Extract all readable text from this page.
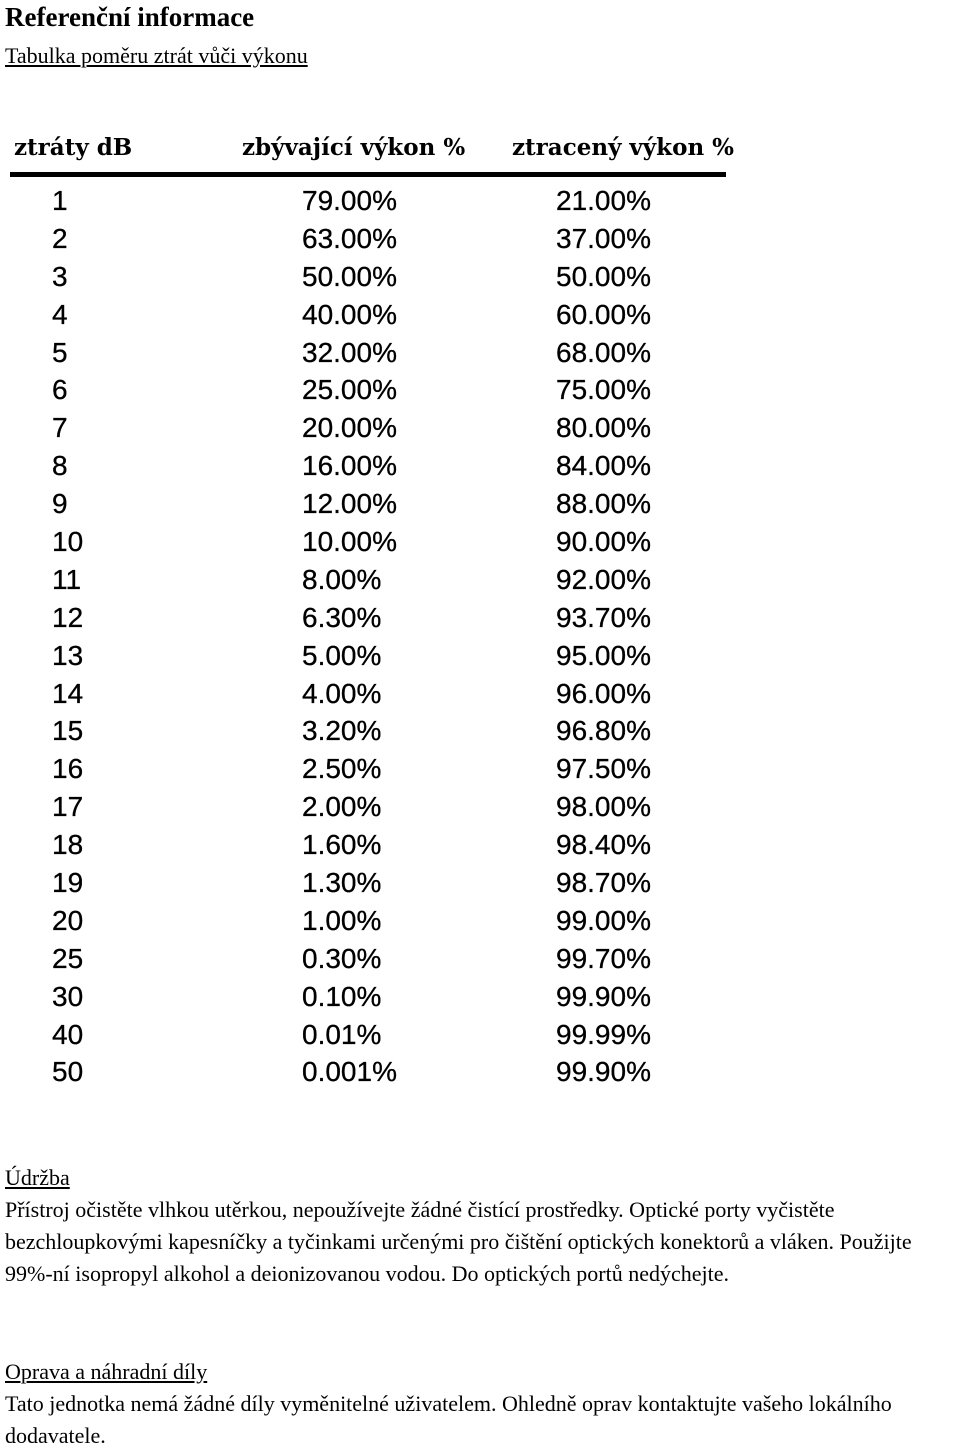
Referenční informace
Tabulka poměru ztrát vůči výkonu
ztráty dB	zbývající výkon % ztracený výkon %
1	79.00%	21.00%
2	63.00%	37.00%
3	50.00%	50.00%
4	40.00%	60.00%
5	32.00%	68.00%
6	25.00%	75.00%
7	20.00%	80.00%
8	16.00%	84.00%
9	12.00%	88.00%
10	10.00%	90.00%
11	8.00%	92.00%
12	6.30%	93.70%
13	5.00%	95.00%
14	4.00%	96.00%
15	3.20%	96.80%
16	2.50%	97.50%
17	2.00%	98.00%
18	1.60%	98.40%
19	1.30%	98.70%
20	1.00%	99.00%
25	0.30%	99.70%
30	0.10%	99.90%
40	0.01%	99.99%
50	0.001%	99.90%
Údržba

Přístroj očistěte vlhkou utěrkou, nepoužívejte žádné čistící prostředky. Optické porty vyčistěte bezchloupkovými kapesníčky a tyčinkami určenými pro čištění optických konektorů a vláken. Použijte 99%-ní isopropyl alkohol a deionizovanou vodou. Do optických portů nedýchejte.

Oprava a náhradní díly

Tato jednotka nemá žádné díly vyměnitelné uživatelem. Ohledně oprav kontaktujte vašeho lokálního dodavatele.
